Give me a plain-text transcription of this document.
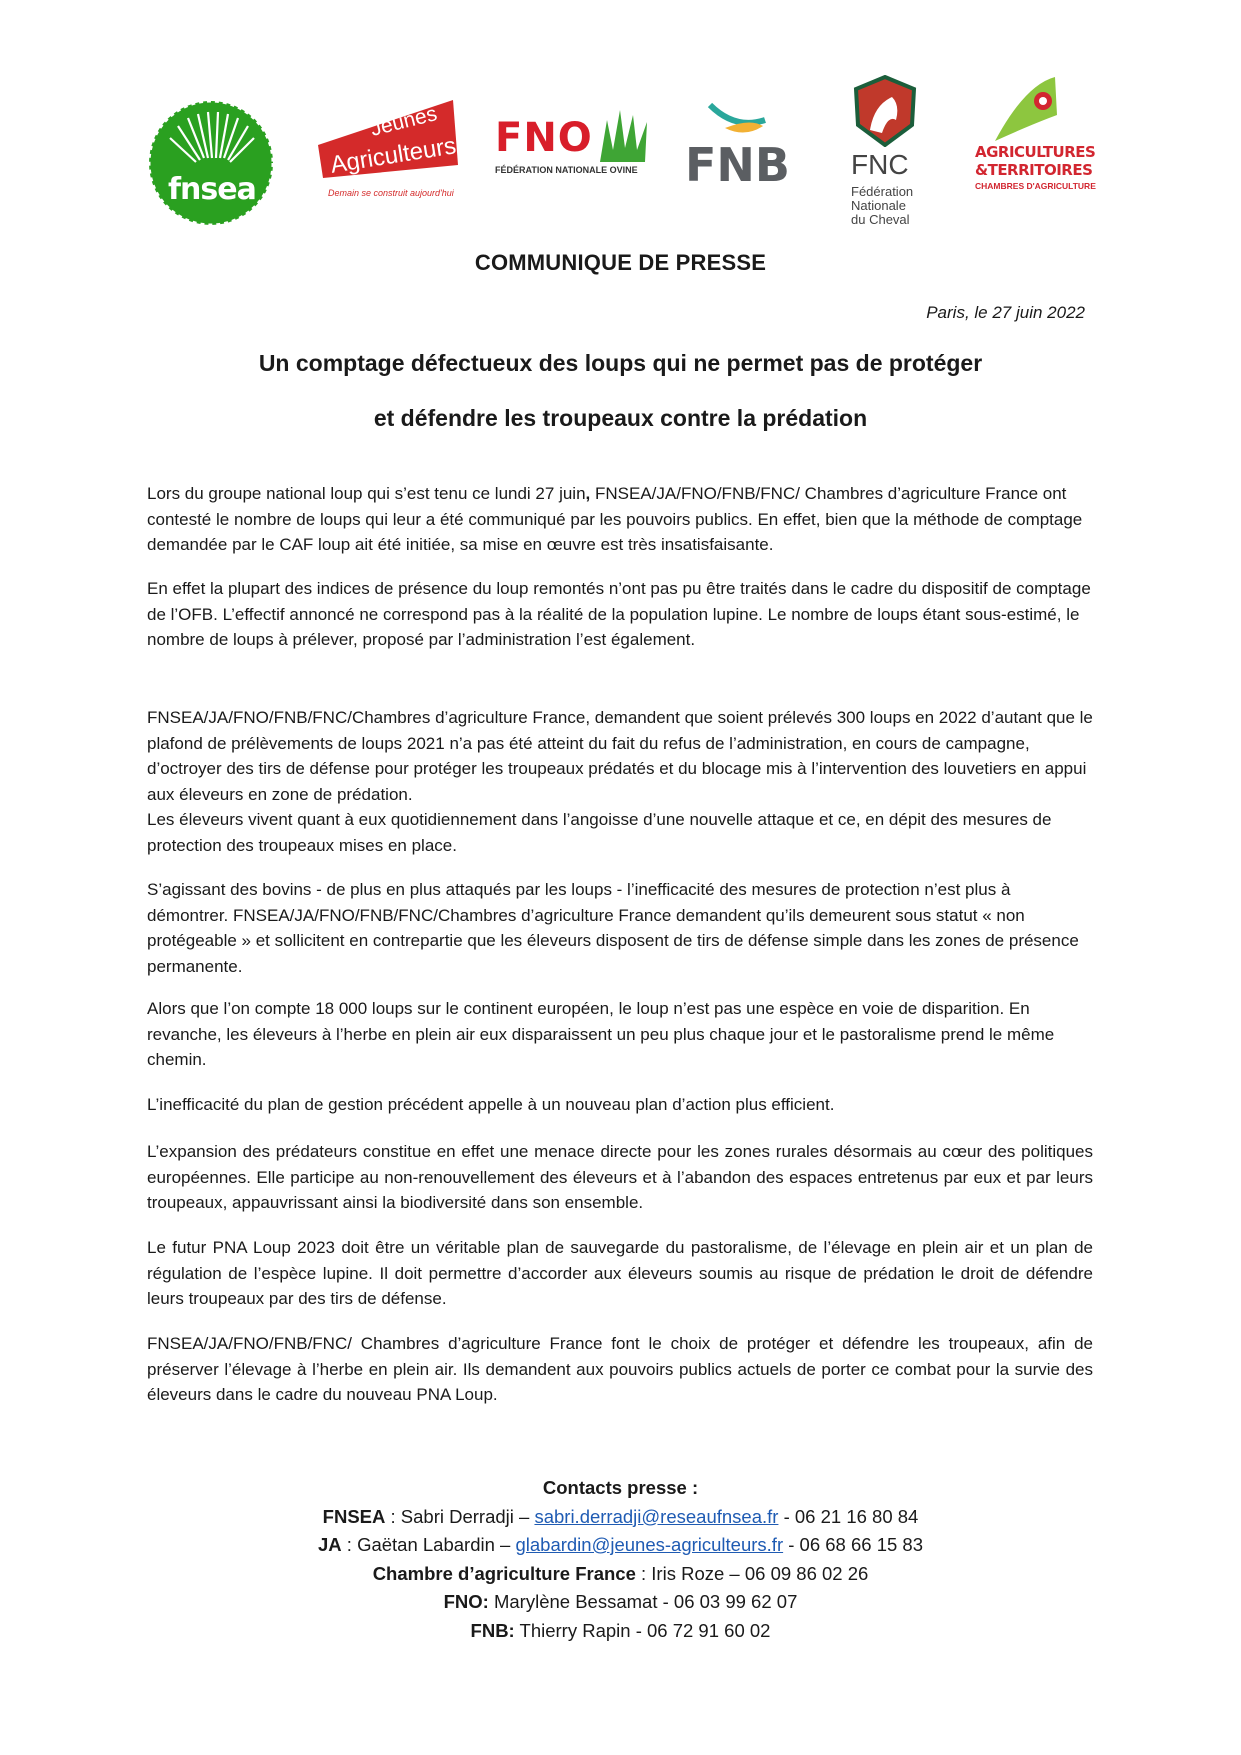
fnsea
Jeunes
Agriculteurs
Demain se construit aujourd'hui
FNO
FÉDÉRATION NATIONALE OVINE FNB FNC
Fédération
Nationale
du Cheval
AGRICULTURES
&TERRITOIRES
CHAMBRES D'AGRICULTURE
COMMUNIQUE DE PRESSE
Paris, le 27 juin 2022
Un comptage défectueux des loups qui ne permet pas de protéger
et défendre les troupeaux contre la prédation

Lors du groupe national loup qui s’est tenu ce lundi 27 juin, FNSEA/JA/FNO/FNB/FNC/ Chambres d’agriculture France ont contesté le nombre de loups qui leur a été communiqué par les pouvoirs publics. En effet, bien que la méthode de comptage demandée par le CAF loup ait été initiée, sa mise en œuvre est très insatisfaisante.

En effet la plupart des indices de présence du loup remontés n’ont pas pu être traités dans le cadre du dispositif de comptage de l’OFB. L’effectif annoncé ne correspond pas à la réalité de la population lupine. Le nombre de loups étant sous-estimé, le nombre de loups à prélever, proposé par l’administration l’est également.

FNSEA/JA/FNO/FNB/FNC/Chambres d’agriculture France, demandent que soient prélevés 300 loups en 2022 d’autant que le plafond de prélèvements de loups 2021 n’a pas été atteint du fait du refus de l’administration, en cours de campagne, d’octroyer des tirs de défense pour protéger les troupeaux prédatés et du blocage mis à l’intervention des louvetiers en appui aux éleveurs en zone de prédation.

Les éleveurs vivent quant à eux quotidiennement dans l’angoisse d’une nouvelle attaque et ce, en dépit des mesures de protection des troupeaux mises en place.

S’agissant des bovins - de plus en plus attaqués par les loups - l’inefficacité des mesures de protection n’est plus à démontrer. FNSEA/JA/FNO/FNB/FNC/Chambres d’agriculture France demandent qu’ils demeurent sous statut « non protégeable » et sollicitent en contrepartie que les éleveurs disposent de tirs de défense simple dans les zones de présence permanente.

Alors que l’on compte 18 000 loups sur le continent européen, le loup n’est pas une espèce en voie de disparition. En revanche, les éleveurs à l’herbe en plein air eux disparaissent un peu plus chaque jour et le pastoralisme prend le même chemin.

L’inefficacité du plan de gestion précédent appelle à un nouveau plan d’action plus efficient.

L’expansion des prédateurs constitue en effet une menace directe pour les zones rurales désormais au cœur des politiques européennes. Elle participe au non-renouvellement des éleveurs et à l’abandon des espaces entretenus par eux et par leurs troupeaux, appauvrissant ainsi la biodiversité dans son ensemble.

Le futur PNA Loup 2023 doit être un véritable plan de sauvegarde du pastoralisme, de l’élevage en plein air et un plan de régulation de l’espèce lupine. Il doit permettre d’accorder aux éleveurs soumis au risque de prédation le droit de défendre leurs troupeaux par des tirs de défense.

FNSEA/JA/FNO/FNB/FNC/ Chambres d’agriculture France font le choix de protéger et défendre les troupeaux, afin de préserver l’élevage à l’herbe en plein air. Ils demandent aux pouvoirs publics actuels de porter ce combat pour la survie des éleveurs dans le cadre du nouveau PNA Loup.

Contacts presse :
FNSEA : Sabri Derradji – sabri.derradji@reseaufnsea.fr - 06 21 16 80 84
JA : Gaëtan Labardin – glabardin@jeunes-agriculteurs.fr - 06 68 66 15 83
Chambre d’agriculture France : Iris Roze – 06 09 86 02 26
FNO: Marylène Bessamat - 06 03 99 62 07
FNB: Thierry Rapin - 06 72 91 60 02
